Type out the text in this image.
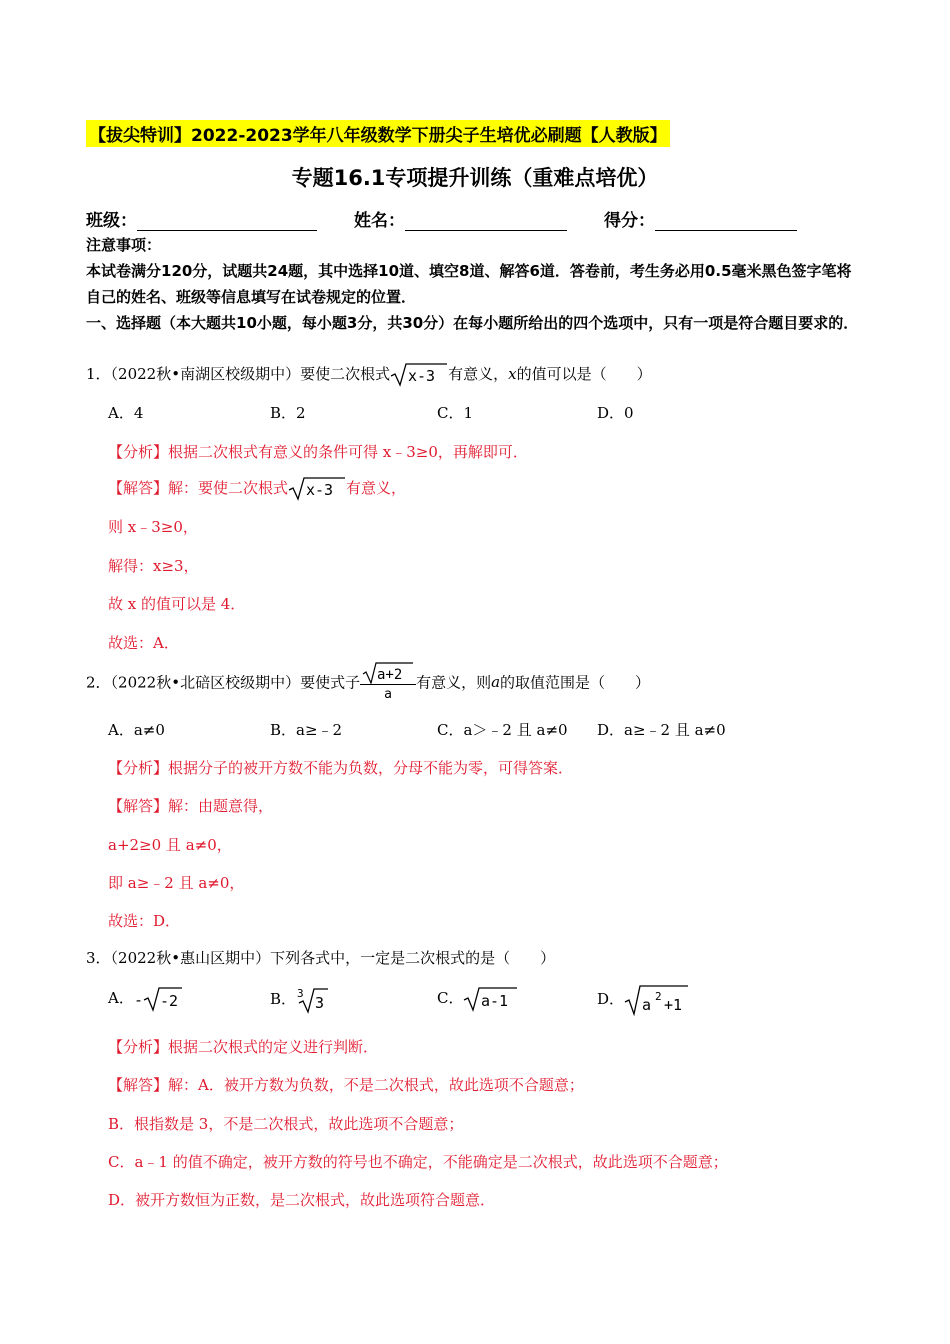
【拔尖特训】2022-2023学年八年级数学下册尖子生培优必刷题【人教版】
专题16.1专项提升训练（重难点培优）
班级：	姓名：	得分：
注意事项：
本试卷满分120分，试题共24题，其中选择10道、填空8道、解答6道．答卷前，考生务必用0.5毫米黑色签字笔将自己的姓名、班级等信息填写在试卷规定的位置．
一、选择题（本大题共10小题，每小题3分，共30分）在每小题所给出的四个选项中，只有一项是符合题目要求的．
1．（2022秋•南湖区校级期中）要使二次根式 x-3 有意义，x的值可以是（　　）
A．4	B．2	C．1	D．0
【分析】根据二次根式有意义的条件可得 x﹣3≥0，再解即可．
【解答】解：要使二次根式 x-3 有意义，
则 x﹣3≥0，
解得：x≥3，
故 x 的值可以是 4．
故选：A．
2．（2022秋•北碚区校级期中）要使式子 $\frac{a+2}{a}$ 有意义，则a的取值范围是（　　）
A．a≠0	B．a≥﹣2	C．a＞﹣2 且 a≠0 D．a≥﹣2 且 a≠0
【分析】根据分子的被开方数不能为负数，分母不能为零，可得答案．
【解答】解：由题意得，
a+2≥0 且 a≠0，
即 a≥﹣2 且 a≠0，
故选：D．
3．（2022秋•惠山区期中）下列各式中，一定是二次根式的是（　　）
A． - -2	B． 3
3	C． a-1	D． a 2 +1
【分析】根据二次根式的定义进行判断．
【解答】解：A．被开方数为负数，不是二次根式，故此选项不合题意；
B．根指数是 3，不是二次根式，故此选项不合题意；
C．a﹣1 的值不确定，被开方数的符号也不确定，不能确定是二次根式，故此选项不合题意；
D．被开方数恒为正数，是二次根式，故此选项符合题意．
